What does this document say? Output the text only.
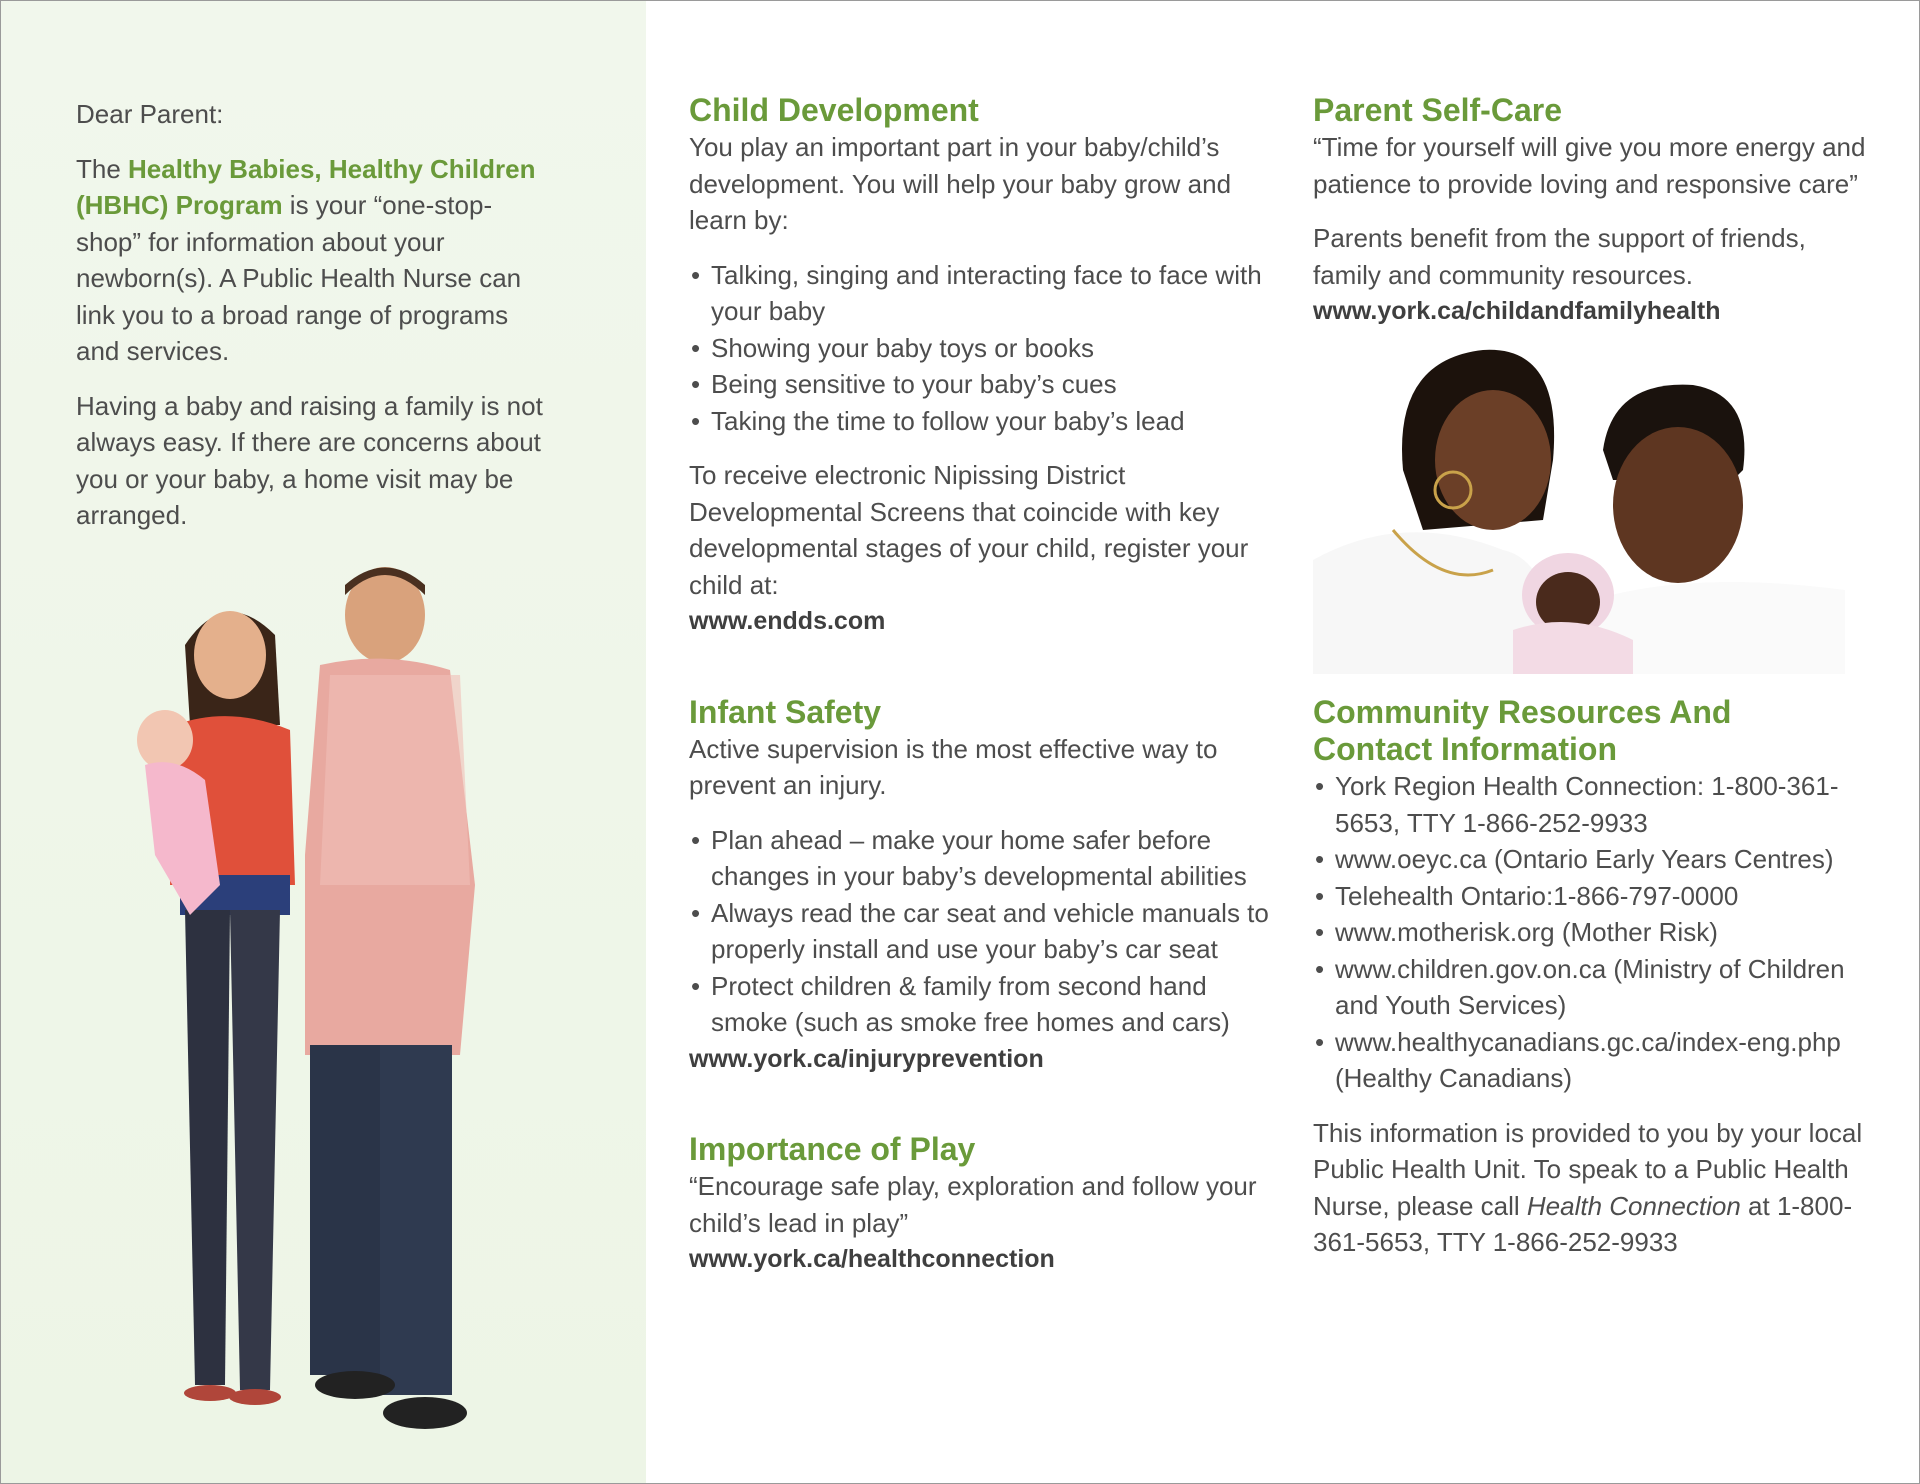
Dear Parent:

The Healthy Babies, Healthy Children (HBHC) Program is your “one-stop-shop” for information about your newborn(s). A Public Health Nurse can link you to a broad range of programs and services.

Having a baby and raising a family is not always easy. If there are concerns about you or your baby, a home visit may be arranged.

Child Development

You play an important part in your baby/child’s development. You will help your baby grow and learn by:

• Talking, singing and interacting face to face with your baby
• Showing your baby toys or books
• Being sensitive to your baby’s cues
• Taking the time to follow your baby’s lead

To receive electronic Nipissing District Developmental Screens that coincide with key developmental stages of your child, register your child at:

www.endds.com

Infant Safety

Active supervision is the most effective way to prevent an injury.

• Plan ahead – make your home safer before changes in your baby’s developmental abilities
• Always read the car seat and vehicle manuals to properly install and use your baby’s car seat
• Protect children & family from second hand smoke (such as smoke free homes and cars)

www.york.ca/injuryprevention

Importance of Play

“Encourage safe play, exploration and follow your child’s lead in play”

www.york.ca/healthconnection

Parent Self-Care

“Time for yourself will give you more energy and patience to provide loving and responsive care”

Parents benefit from the support of friends, family and community resources.

www.york.ca/childandfamilyhealth

Community Resources And
Contact Information
• York Region Health Connection: 1-800-361-5653, TTY 1-866-252-9933
• www.oeyc.ca (Ontario Early Years Centres)
• Telehealth Ontario:1-866-797-0000
• www.motherisk.org (Mother Risk)
• www.children.gov.on.ca (Ministry of Children and Youth Services)
• www.healthycanadians.gc.ca/index-eng.php (Healthy Canadians)

This information is provided to you by your local Public Health Unit. To speak to a Public Health Nurse, please call Health Connection at 1-800-361-5653, TTY 1-866-252-9933
